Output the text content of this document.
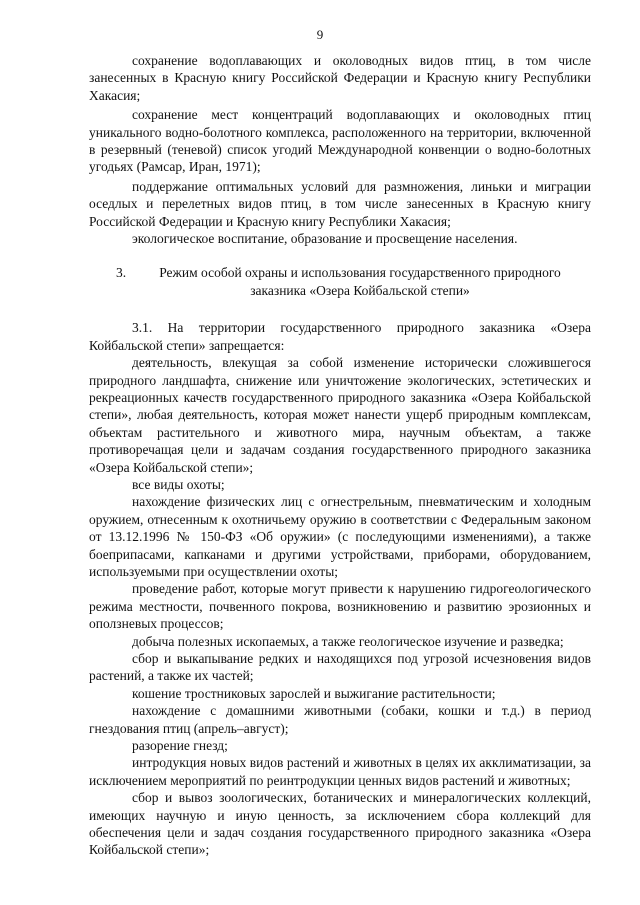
9

сохранение водоплавающих и околоводных видов птиц, в том числе занесенных в Красную книгу Российской Федерации и Красную книгу Республики Хакасия;

сохранение мест концентраций водоплавающих и околоводных птиц уникального водно-болотного комплекса, расположенного на территории, включенной в резервный (теневой) список угодий Международной конвенции о водно-болотных угодьях (Рамсар, Иран, 1971);

поддержание оптимальных условий для размножения, линьки и миграции оседлых и перелетных видов птиц, в том числе занесенных в Красную книгу Российской Федерации и Красную книгу Республики Хакасия;

экологическое воспитание, образование и просвещение населения.

3.	Режим особой охраны и использования государственного природного
заказника «Озера Койбальской степи»

3.1. На территории государственного природного заказника «Озера Койбальской степи» запрещается:

деятельность, влекущая за собой изменение исторически сложившегося природного ландшафта, снижение или уничтожение экологических, эстетических и рекреационных качеств государственного природного заказника «Озера Койбальской степи», любая деятельность, которая может нанести ущерб природным комплексам, объектам растительного и животного мира, научным объектам, а также противоречащая цели и задачам создания государственного природного заказника «Озера Койбальской степи»;

все виды охоты;

нахождение физических лиц с огнестрельным, пневматическим и холодным оружием, отнесенным к охотничьему оружию в соответствии с Федеральным законом от 13.12.1996 № 150-ФЗ «Об оружии» (с последующими изменениями), а также боеприпасами, капканами и другими устройствами, приборами, оборудованием, используемыми при осуществлении охоты;

проведение работ, которые могут привести к нарушению гидрогеологического режима местности, почвенного покрова, возникновению и развитию эрозионных и оползневых процессов;

добыча полезных ископаемых, а также геологическое изучение и разведка;

сбор и выкапывание редких и находящихся под угрозой исчезновения видов растений, а также их частей;

кошение тростниковых зарослей и выжигание растительности;

нахождение с домашними животными (собаки, кошки и т.д.) в период гнездования птиц (апрель–август);

разорение гнезд;

интродукция новых видов растений и животных в целях их акклиматизации, за исключением мероприятий по реинтродукции ценных видов растений и животных;

сбор и вывоз зоологических, ботанических и минералогических коллекций, имеющих научную и иную ценность, за исключением сбора коллекций для обеспечения цели и задач создания государственного природного заказника «Озера Койбальской степи»;
